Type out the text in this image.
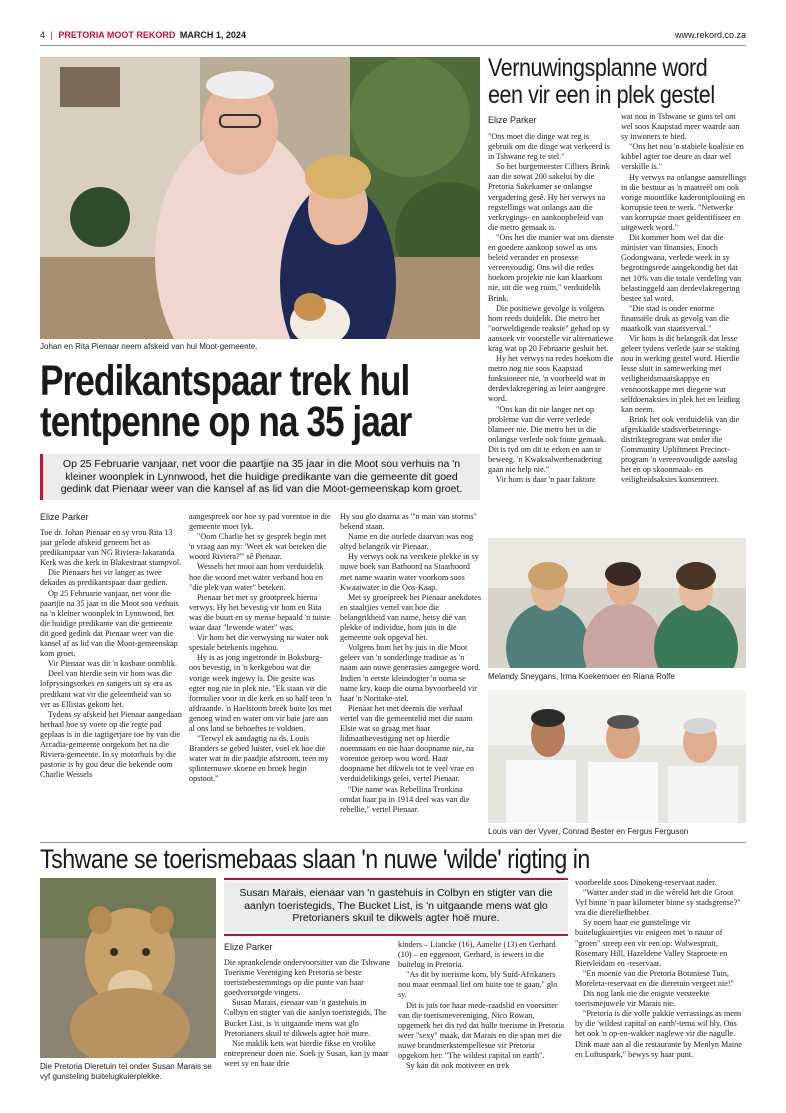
4 | PRETORIA MOOT REKORD MARCH 1, 2024	www.rekord.co.za
Johan en Rita Pienaar neem afskeid van hul Moot-gemeente.
Predikantspaar trek hul
tentpenne op na 35 jaar
Op 25 Februarie vanjaar, net voor die paartjie na 35 jaar in die Moot sou verhuis na 'n kleiner woonplek in Lynnwood, het die huidige predikante van die gemeente dit goed gedink dat Pienaar weer van die kansel af as lid van die Moot-gemeenskap kom groet.
Elize Parker

Toe dr. Johan Pienaar en sy vrou Rita 13 jaar gelede afskeid geneem het as predikantpaar van NG Riviera-Jakaranda Kerk was die kerk in Blakestraat stampvol.

Die Pienaars het vir langer as twee dekades as predikantspaar daar gedien.

Op 25 Februarie vanjaar, net voor die paartjie na 35 jaar in die Moot sou verhuis na 'n kleiner woonplek in Lynnwood, het die huidige predikante van die gemeente dit goed gedink dat Pienaar weer van die kansel af as lid van die Moot-gemeenskap kom groet.

Vir Pienaar was dit 'n kosbare oomblik.

Deel van hierdie sein vir hom was die lofprysingsorkes en sangers uit sy era as predikant wat vir die geleentheid van so ver as Ellistas gekom het.

Tydens sy afskeid het Pienaar aangedaan herhaal hoe sy voete op die regte pad geplaas is in die tagtigerjare toe hy van die Arcadia-gemeente oorgekom het na die Riviera-gemeente. In sy motorhuis by die pastorie is hy gou deur die bekende oom Charlie Wessels

aangespreek oor hoe sy pad vorentoe in die gemeente moet lyk.

"Oom Charlie het sy gesprek begin met 'n vraag aan my: 'Weet ek wat beteken die woord Riviera?'" sê Pienaar.

Wessels het mooi aan hom verduidelik hoe die woord met water verband hou en "die plek van water" beteken.

Pienaar het met sy grootpreek hierna verwys. Hy het bevestig vir hom en Rita was die buurt en sy mense bepaald 'n tuiste waar daar "lewende water" was.

Vir hom het die verwysing na water ook spesiale betekenis ingehou.

Hy is as jong ingetronde in Boksburg-oos bevestig, in 'n kerkgebou wat die vorige week ingewy is. Die gesite was egter nog nie in plek nie. "Ek staan vir die formulier voor in die kerk en so half teen 'n afdraande. 'n Haelstorm breek buite los met genoeg wind en water om vir baie jare aan al ons land se behoeftes te voldoen.

"Terwyl ek aandagtig na ds. Louis Branders se gebed luister, voel ek hoe die water wat in die paadjie afstroom, teen my splinternuwe skoene en broek begin opstoot."

Hy sou glo daarna as "'n man van storms" bekend staan.

Name en die oorlede daarvan was nog altyd belangrik vir Pienaar.

Hy verwys ook na verskeie plekke in sy nuwe boek van Bathoord na Staarhoord met name waarin water voorkom soos Kwaaiwater in die Oos-Kaap.

Met sy groeipreek het Pienaar anekdotes en staaltjies vertel van hoe die belangrikheid van name, hetsy dié van plekke of individue, hom juis in die gemeente ook opgeval het.

Volgens hom het hy juis in die Moot geleer van 'n sonderlinge tradisie as 'n naam aan nuwe generasies aangegee word. Indien 'n eerste kleindogter 'n ouma se name kry, koop die ouma byvoorbeeld vir haar 'n Noritake-stel.

Pienaar het met deernis die verhaal vertel van die gemeentelid met die naam Elsie wat so graag met haar lidmaatbevestiging net op hierdie noemnaam en nie haar doopname nie, na vorentoe geroep wou word. Haar doopname het dikwels tot te veel vrae en verduidelikings gelei, vertel Pienaar.

"Die name was Rebellina Tronkina omdat haar pa in 1914 deel was van die rebellie," vertel Pienaar.

Vernuwingsplanne word
een vir een in plek gestel
Elize Parker

"Ons moet die dinge wat reg is gebruik om die dinge wat verkeerd is in Tshwane reg te stel."

So het burgemeester Cilliers Brink aan die sowat 200 sakelui by die Pretoria Sakekamer se onlangse vergadering gesê. Hy het verwys na regstellings wat onlangs aan die verkrygings- en aankoopbeleid van die metro gemaak is.

"Ons het die manier wat ons dienste en goedere aankoop sowel as ons beleid verander en prosesse vereenvoudig. Ons wil die redes hoekom projekte nie kan klaarkom nie, uit die weg ruim," verduidelik Brink.

Die positiewe gevolge is volgens hom reeds duidelik. Die metro het "oorweldigende reaksie" gehad op sy aansoek vir voorstelle vir alternatiewe krag wat op 20 Februarie gesluit het.

Hy het verwys na redes hoekom die metro nog nie soos Kaapstad funksioneer nie, 'n voorbeeld wat in derdevlakregering as leier aangegee word.

"Ons kan dit nie langer net op probleme van die verre verlede blameer nie. Die metro het in die onlangse verlede ook foute gemaak. Dit is tyd om dit te erken en aan te beweeg. 'n Kwaksalwerbenadering gaan nie help nie."

Vir hom is daar 'n paar faktore

wat nou in Tshwane se guns tel om wel soos Kaapstad meer waarde aan sy inwoners te bied.

"Ons het nou 'n stabiele koalisie en kibbel agter toe deure as daar wel verskille is."

Hy verwys na onlangse aanstellings in die bestuur as 'n maatreël om ook vorige moontlike kaderontplooiing en korrupsie teen te werk. "Netwerke van korrupsie moet geïdentifiseer en uitgewerk word."

Dit kommer hom wel dat die minister van finansies, Enoch Godongwana, verlede week in sy begrotingsrede aangekondig het dat net 10% van die totale verdeling van belastinggeld aan derdevlakregering bestee sal word.

"Die stad is onder enorme finansiële druk as gevolg van die maatkolk van staatsverval."

Vir hom is dit belangrik dat lesse geleer tydens verlede jaar se staking nou in werking gestel word. Hierdie lesse sluit in samewerking met veiligheidsmaatskappye en vennootskappe met diegene wat selfdoenaksies in plek het en leiding kan neem.

Brink het ook verduidelik van die afgeskaalde stadsverbeterings-distriktegrogram wat onder die Community Upliftment Precinct-program 'n vereenvoudigde aanslag het en op skoonmaak- en veiligheidsaksies konsentreer.

Melandy Sneygans, Irma Koekemoer en Riana Rolfe
Louis van der Vyver, Conrad Bester en Fergus Ferguson
Tshwane se toerismebaas slaan 'n nuwe 'wilde' rigting in
Die Pretoria Dieretuin tel onder Susan Marais se vyf gunsteling buitelugkuierplekke.
Susan Marais, eienaar van 'n gastehuis in Colbyn en stigter van die aanlyn toeristegids, The Bucket List, is 'n uitgaande mens wat glo Pretorianers skuil te dikwels agter hoë mure.
Elize Parker

Die sprankelende ondervoorsitter van die Tshwane Toerisme Vereniging ken Pretoria se beste toeristebestemmings op die punte van haar goedversorgde vingers.

Susan Marais, eienaar van 'n gastehuis in Colbyn en stigter van die aanlyn toeristegids, The Bucket List, is 'n uitgaande mens wat glo Pretorianers skuil te dikwels agter hoë mure.

Nie maklik kets wat hierdie fikse en vrolike entrepreneur doen nie. Soek jy Susan, kan jy maar weet sy en haar drie

kinders – Liancke (16), Aanelie (13) en Gerhard (10) – en eggenoot, Gerhard, is iewers in die buitelug in Pretoria.

"As dit by toerisme kom, bly Suid-Afrikaners nou maar eenmaal lief om buite toe te gaan," glo sy.

Dit is juis toe haar mede-raadslid en voorsitter van die toerismevereniging, Nico Rowan, opgemerk het dis tyd dat hulle toerisme in Pretoria weer "sexy" maak, dat Marais en die span met die nuwe brandmerkstempellesue vir Pretoria opgekom het: "The wildest capital on earth".

Sy kan dit ook motiveer en trek

voorbeelde soos Dinokeng-reservaat nader.

"Watter ander stad in die wêreld het die Groot Vyf binne 'n paar kilometer binne sy stadsgrense?" vra die diereliefhebber.

Sy noem haar eie gunstelinge vir buitelugkuiertjies vir enigeen met 'n nauur of "groen" streep een vir een op: Wolwespruit, Rosemary Hill, Hazeldene Valley Staproete en Rietvleidam en -reservaat.

"En moenie van die Pretoria Botaniese Tuin, Moreleta-reservaat en die dieretuin vergeet nie!"

Dis nog lank nie die enigste versteekte toerismejuwele vir Marais nie.

"Pretoria is die volle pakkie verrassings as mens by die 'wildest capital on earth'-tema wil bly. Ons het ook 'n op-en-wakker naglewe vir die nagulle. Dink maar aan al die restaurante by Menlyn Maine en Loftuspark," bewys sy haar punt.
